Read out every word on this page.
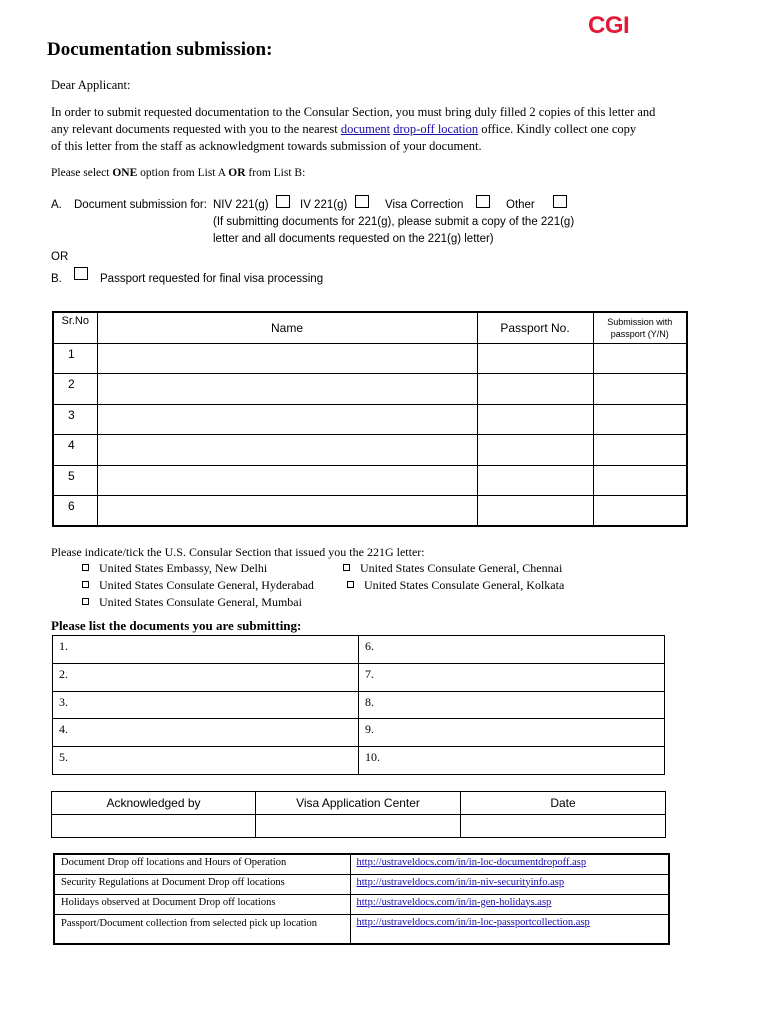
CGI
Documentation submission:
Dear Applicant:
In order to submit requested documentation to the Consular Section, you must bring duly filled 2 copies of this letter and
any relevant documents requested with you to the nearest document drop-off location office. Kindly collect one copy
of this letter from the staff as acknowledgment towards submission of your document.
Please select ONE option from List A OR from List B:
A. Document submission for: NIV 221(g)	IV 221(g)	Visa Correction	Other
(If submitting documents for 221(g), please submit a copy of the 221(g)
letter and all documents requested on the 221(g) letter)
OR
B.	Passport requested for final visa processing
Sr.No	Name	Passport No.	Submission with
passport (Y/N)
1			
2			
3			
4			
5			
6			
Please indicate/tick the U.S. Consular Section that issued you the 221G letter:
United States Embassy, New Delhi	United States Consulate General, Chennai
United States Consulate General, Hyderabad	United States Consulate General, Kolkata
United States Consulate General, Mumbai
Please list the documents you are submitting:
1.	6.
2.	7.
3.	8.
4.	9.
5.	10.
Acknowledged by	Visa Application Center	Date

Document Drop off locations and Hours of Operation	http://ustraveldocs.com/in/in-loc-documentdropoff.asp
Security Regulations at Document Drop off locations	http://ustraveldocs.com/in/in-niv-securityinfo.asp
Holidays observed at Document Drop off locations	http://ustraveldocs.com/in/in-gen-holidays.asp
Passport/Document collection from selected pick up location	http://ustraveldocs.com/in/in-loc-passportcollection.asp
